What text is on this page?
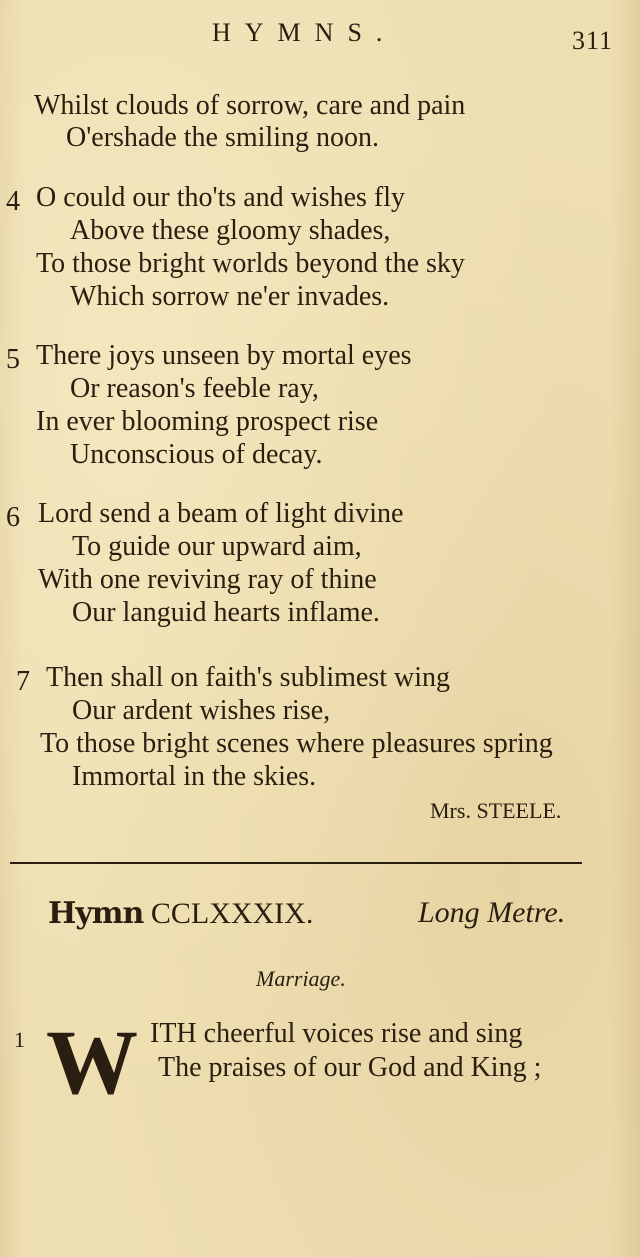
HYMNS.	311
Whilst clouds of sorrow, care and pain
O'ershade the smiling noon.
4 O could our tho'ts and wishes fly
Above these gloomy shades,
To those bright worlds beyond the sky
Which sorrow ne'er invades.
5 There joys unseen by mortal eyes
Or reason's feeble ray,
In ever blooming prospect rise
Unconscious of decay.
6 Lord send a beam of light divine
To guide our upward aim,
With one reviving ray of thine
Our languid hearts inflame.
7 Then shall on faith's sublimest wing
Our ardent wishes rise,
To those bright scenes where pleasures spring
Immortal in the skies.
Mrs. STEELE.
Hymn CCLXXXIX.	Long Metre.
Marriage.
1 W ITH cheerful voices rise and sing
The praises of our God and King ;
